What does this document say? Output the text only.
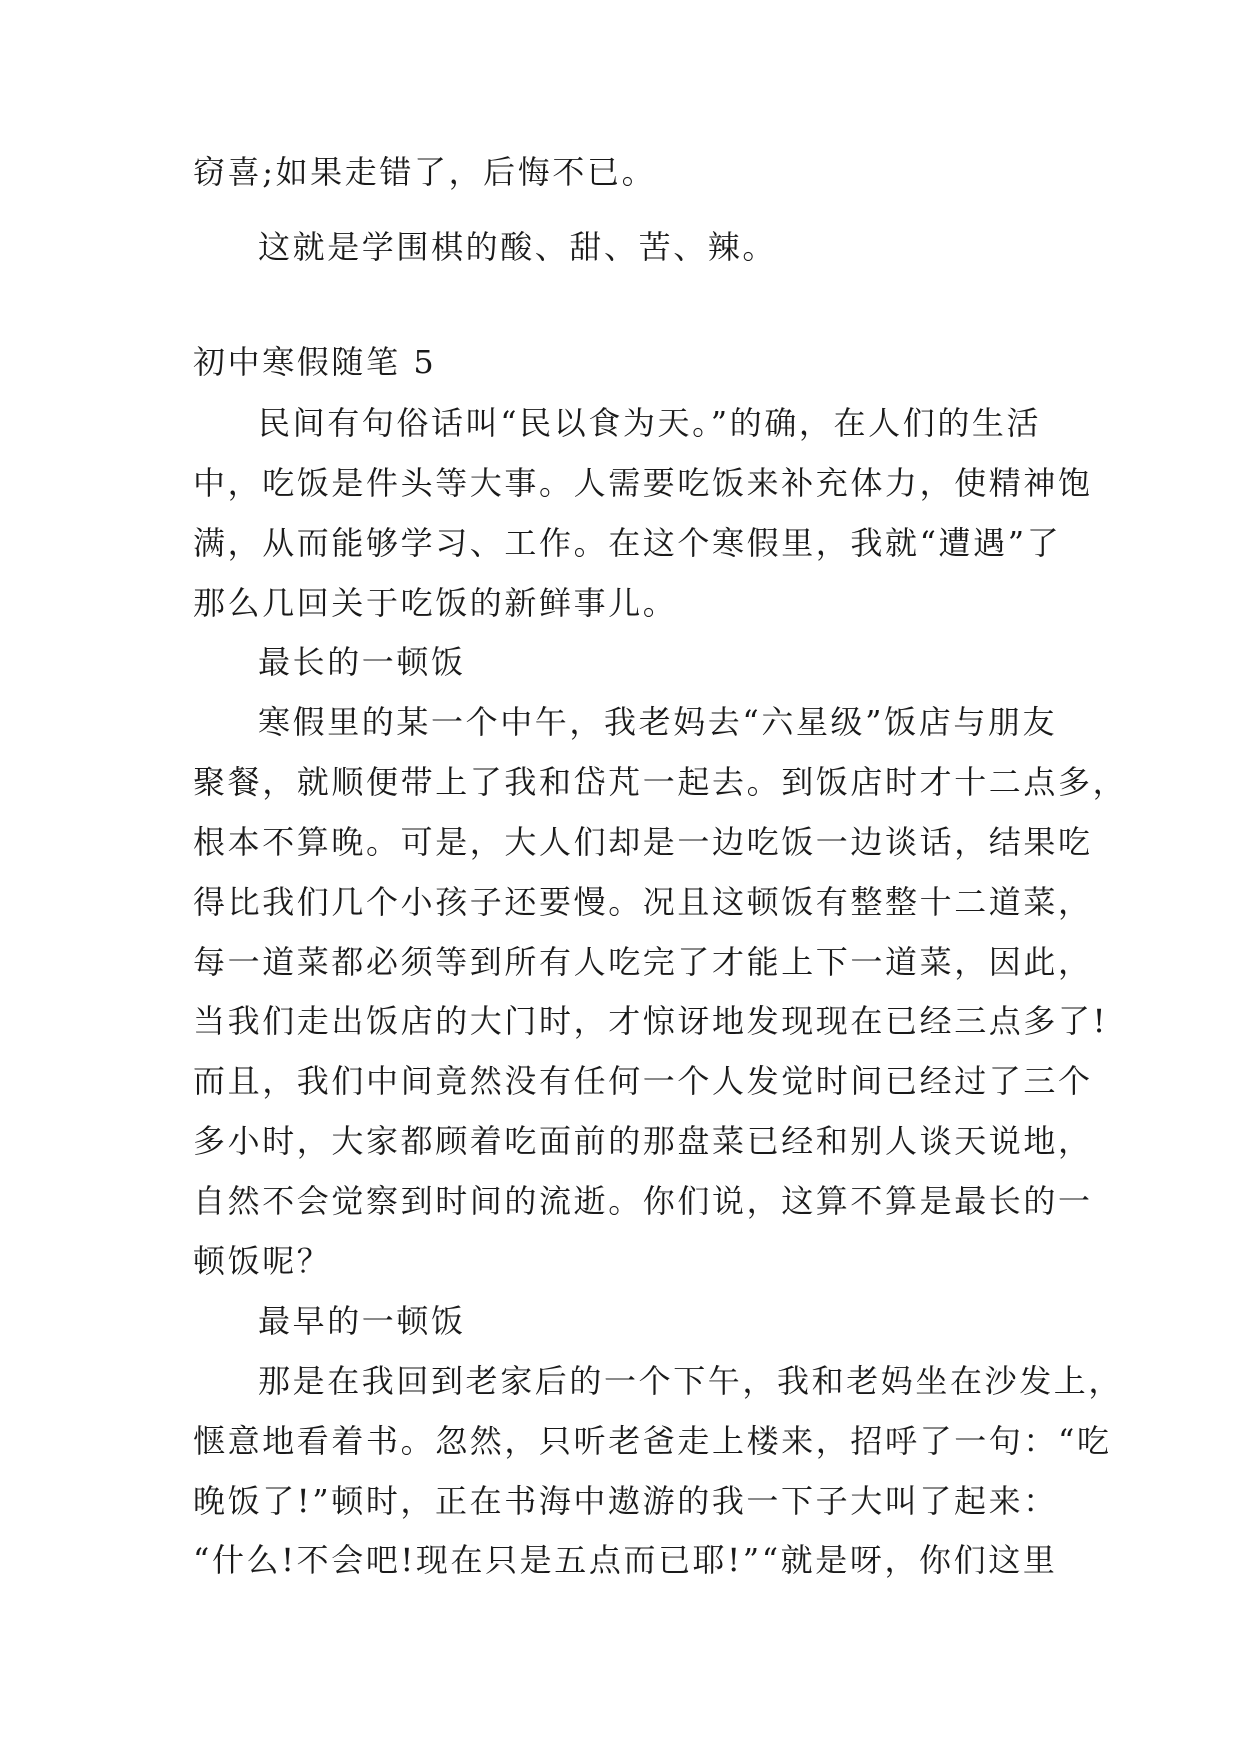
窃喜;如果走错了，后悔不已。
这就是学围棋的酸、甜、苦、辣。
初中寒假随笔 5
民间有句俗话叫“民以食为天。”的确，在人们的生活
中，吃饭是件头等大事。人需要吃饭来补充体力，使精神饱
满，从而能够学习、工作。在这个寒假里，我就“遭遇”了
那么几回关于吃饭的新鲜事儿。
最长的一顿饭
寒假里的某一个中午，我老妈去“六星级”饭店与朋友
聚餐，就顺便带上了我和岱芃一起去。到饭店时才十二点多，
根本不算晚。可是，大人们却是一边吃饭一边谈话，结果吃
得比我们几个小孩子还要慢。况且这顿饭有整整十二道菜，
每一道菜都必须等到所有人吃完了才能上下一道菜，因此，
当我们走出饭店的大门时，才惊讶地发现现在已经三点多了!
而且，我们中间竟然没有任何一个人发觉时间已经过了三个
多小时，大家都顾着吃面前的那盘菜已经和别人谈天说地，
自然不会觉察到时间的流逝。你们说，这算不算是最长的一
顿饭呢？
最早的一顿饭
那是在我回到老家后的一个下午，我和老妈坐在沙发上，
惬意地看着书。忽然，只听老爸走上楼来，招呼了一句：“吃
晚饭了!”顿时，正在书海中遨游的我一下子大叫了起来：
“什么!不会吧!现在只是五点而已耶!”“就是呀，你们这里
